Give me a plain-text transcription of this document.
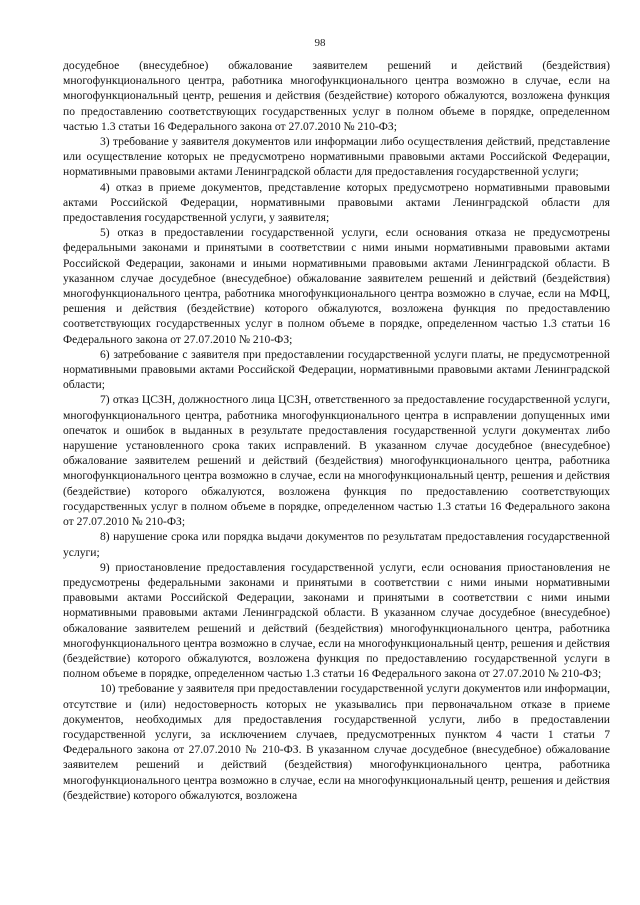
98

досудебное (внесудебное) обжалование заявителем решений и действий (бездействия) многофункционального центра, работника многофункционального центра возможно в случае, если на многофункциональный центр, решения и действия (бездействие) которого обжалуются, возложена функция по предоставлению соответствующих государственных услуг в полном объеме в порядке, определенном частью 1.3 статьи 16 Федерального закона от 27.07.2010 № 210-ФЗ;

3) требование у заявителя документов или информации либо осуществления действий, представление или осуществление которых не предусмотрено нормативными правовыми актами Российской Федерации, нормативными правовыми актами Ленинградской области для предоставления государственной услуги;

4) отказ в приеме документов, представление которых предусмотрено нормативными правовыми актами Российской Федерации, нормативными правовыми актами Ленинградской области для предоставления государственной услуги, у заявителя;

5) отказ в предоставлении государственной услуги, если основания отказа не предусмотрены федеральными законами и принятыми в соответствии с ними иными нормативными правовыми актами Российской Федерации, законами и иными нормативными правовыми актами Ленинградской области. В указанном случае досудебное (внесудебное) обжалование заявителем решений и действий (бездействия) многофункционального центра, работника многофункционального центра возможно в случае, если на МФЦ, решения и действия (бездействие) которого обжалуются, возложена функция по предоставлению соответствующих государственных услуг в полном объеме в порядке, определенном частью 1.3 статьи 16 Федерального закона от 27.07.2010 № 210-ФЗ;

6) затребование с заявителя при предоставлении государственной услуги платы, не предусмотренной нормативными правовыми актами Российской Федерации, нормативными правовыми актами Ленинградской области;

7) отказ ЦСЗН, должностного лица ЦСЗН, ответственного за предоставление государственной услуги, многофункционального центра, работника многофункционального центра в исправлении допущенных ими опечаток и ошибок в выданных в результате предоставления государственной услуги документах либо нарушение установленного срока таких исправлений. В указанном случае досудебное (внесудебное) обжалование заявителем решений и действий (бездействия) многофункционального центра, работника многофункционального центра возможно в случае, если на многофункциональный центр, решения и действия (бездействие) которого обжалуются, возложена функция по предоставлению соответствующих государственных услуг в полном объеме в порядке, определенном частью 1.3 статьи 16 Федерального закона от 27.07.2010 № 210-ФЗ;

8) нарушение срока или порядка выдачи документов по результатам предоставления государственной услуги;

9) приостановление предоставления государственной услуги, если основания приостановления не предусмотрены федеральными законами и принятыми в соответствии с ними иными нормативными правовыми актами Российской Федерации, законами и принятыми в соответствии с ними иными нормативными правовыми актами Ленинградской области. В указанном случае досудебное (внесудебное) обжалование заявителем решений и действий (бездействия) многофункционального центра, работника многофункционального центра возможно в случае, если на многофункциональный центр, решения и действия (бездействие) которого обжалуются, возложена функция по предоставлению государственной услуги в полном объеме в порядке, определенном частью 1.3 статьи 16 Федерального закона от 27.07.2010 № 210-ФЗ;

10) требование у заявителя при предоставлении государственной услуги документов или информации, отсутствие и (или) недостоверность которых не указывались при первоначальном отказе в приеме документов, необходимых для предоставления государственной услуги, либо в предоставлении государственной услуги, за исключением случаев, предусмотренных пунктом 4 части 1 статьи 7 Федерального закона от 27.07.2010 № 210-ФЗ. В указанном случае досудебное (внесудебное) обжалование заявителем решений и действий (бездействия) многофункционального центра, работника многофункционального центра возможно в случае, если на многофункциональный центр, решения и действия (бездействие) которого обжалуются, возложена
